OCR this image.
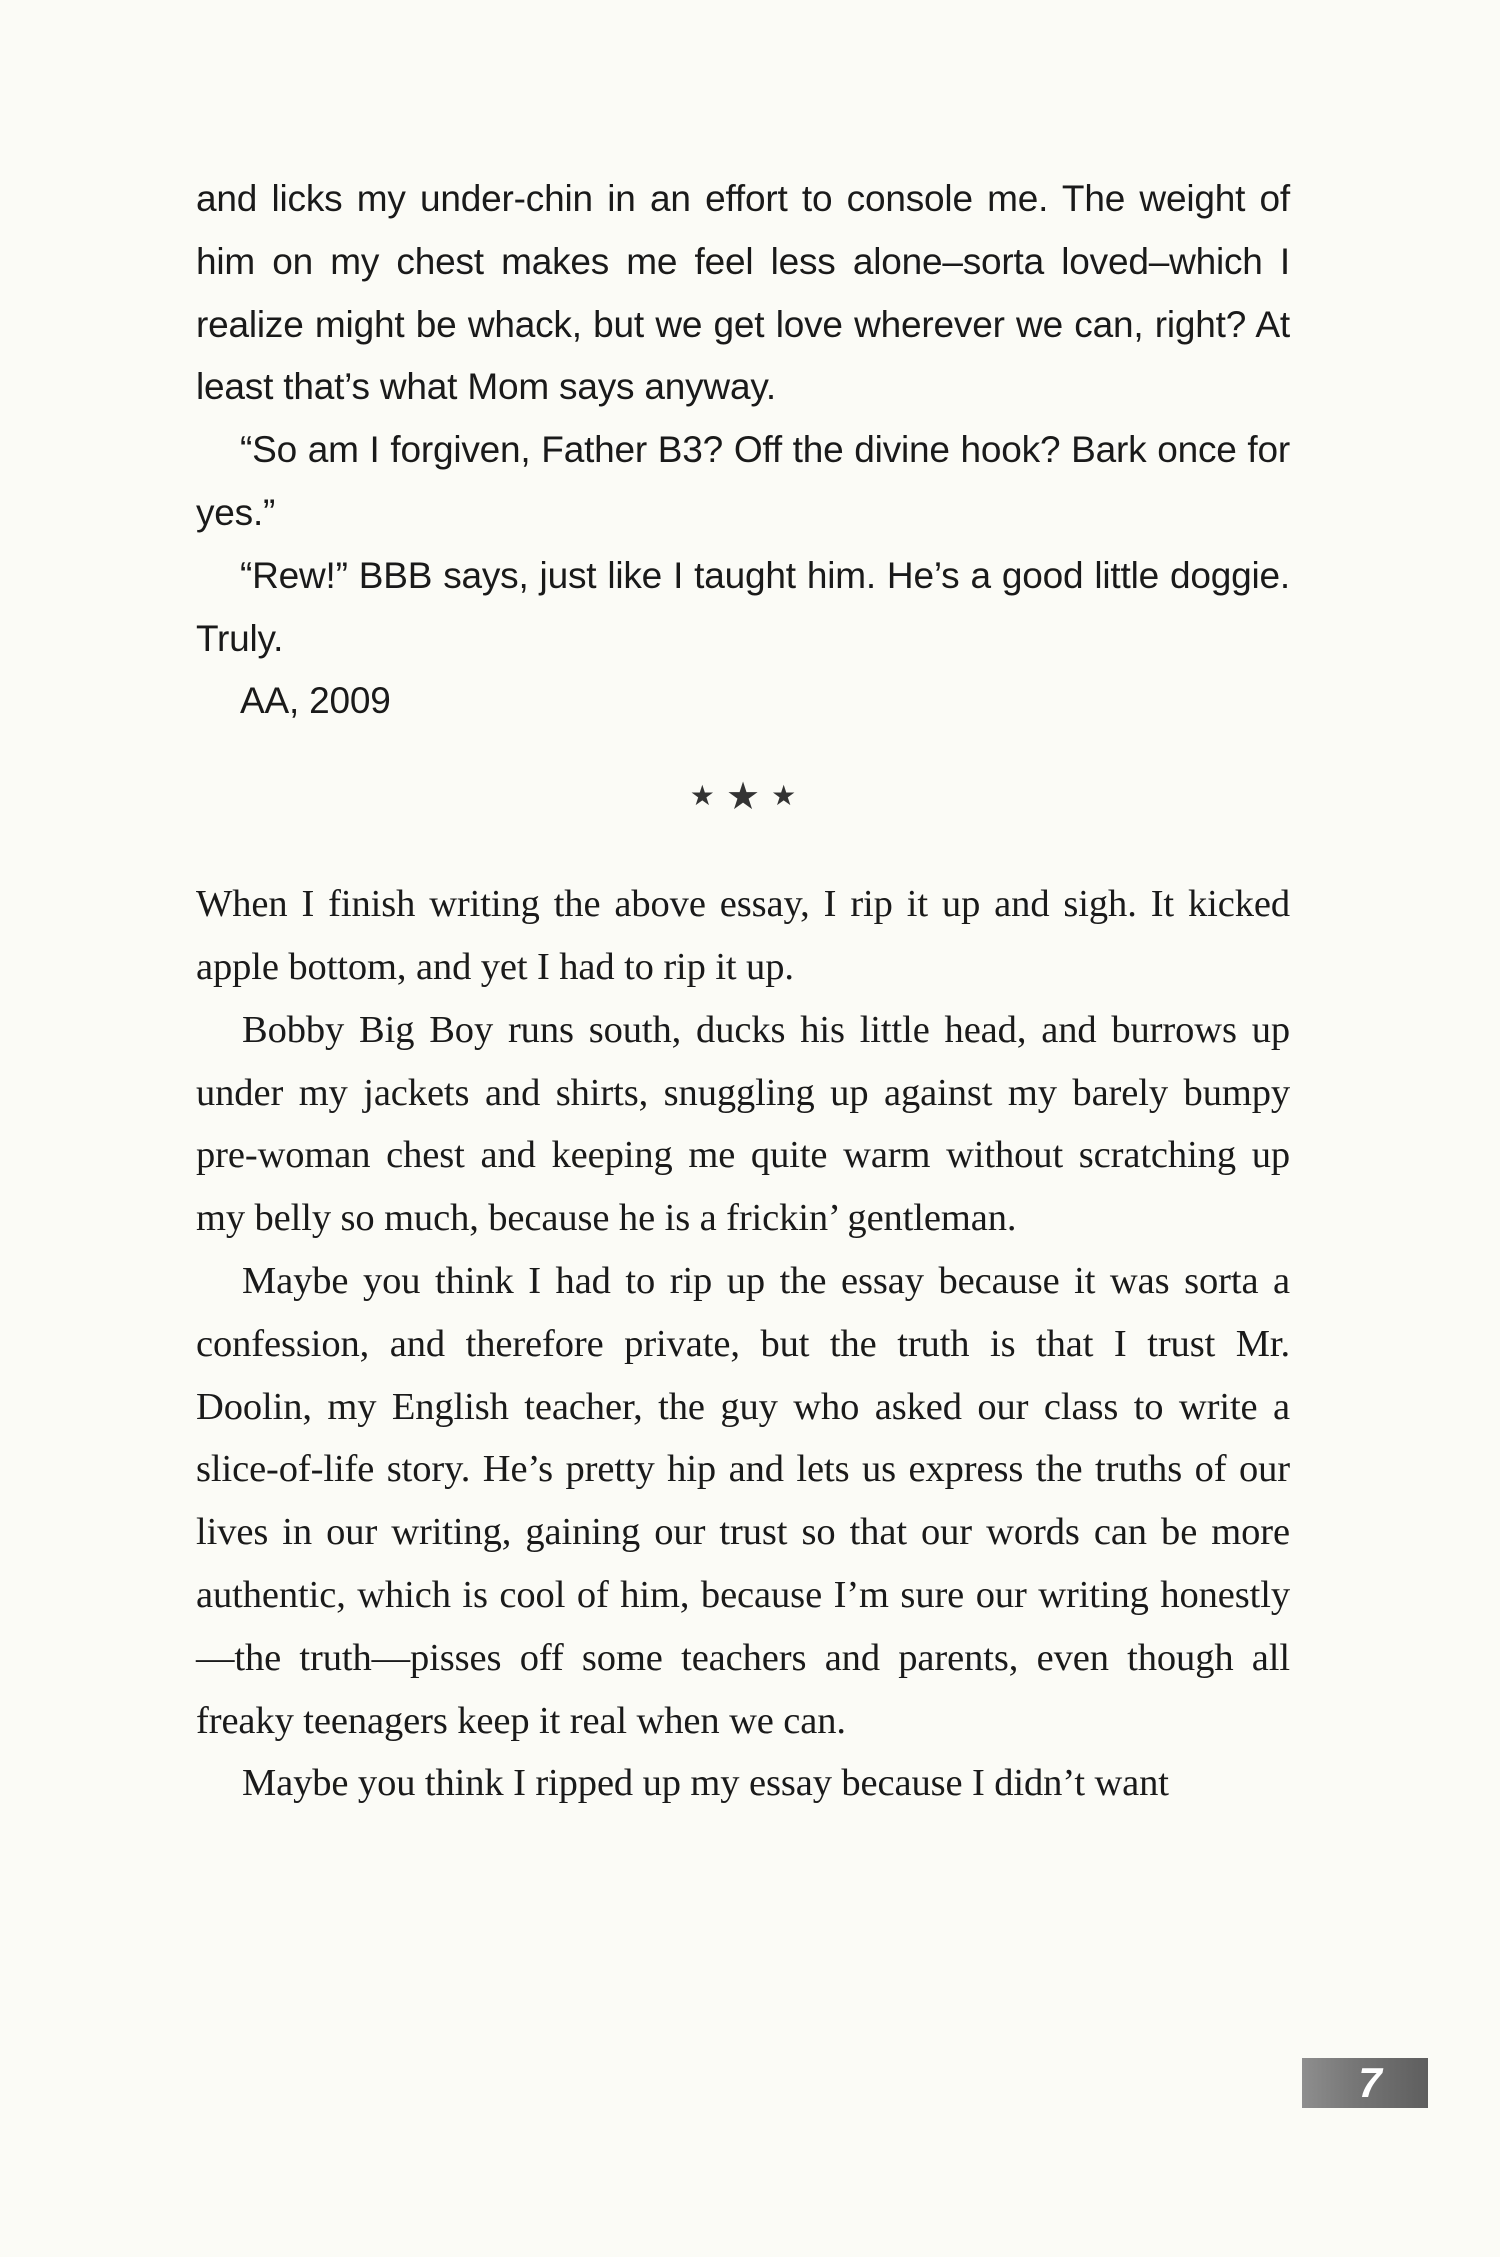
and licks my under-chin in an effort to console me. The weight of him on my chest makes me feel less alone–sorta loved–which I realize might be whack, but we get love wherever we can, right? At least that’s what Mom says anyway.

“So am I forgiven, Father B3? Off the divine hook? Bark once for yes.”

“Rew!” BBB says, just like I taught him. He’s a good little doggie. Truly.

AA, 2009

★ ★ ★

When I finish writing the above essay, I rip it up and sigh. It kicked apple bottom, and yet I had to rip it up.

Bobby Big Boy runs south, ducks his little head, and burrows up under my jackets and shirts, snuggling up against my barely bumpy pre-woman chest and keeping me quite warm without scratching up my belly so much, because he is a frickin’ gentleman.

Maybe you think I had to rip up the essay because it was sorta a confession, and therefore private, but the truth is that I trust Mr. Doolin, my English teacher, the guy who asked our class to write a slice-of-life story. He’s pretty hip and lets us express the truths of our lives in our writing, gaining our trust so that our words can be more authentic, which is cool of him, because I’m sure our writing honestly—the truth—pisses off some teachers and parents, even though all freaky teenagers keep it real when we can.

Maybe you think I ripped up my essay because I didn’t want

7
